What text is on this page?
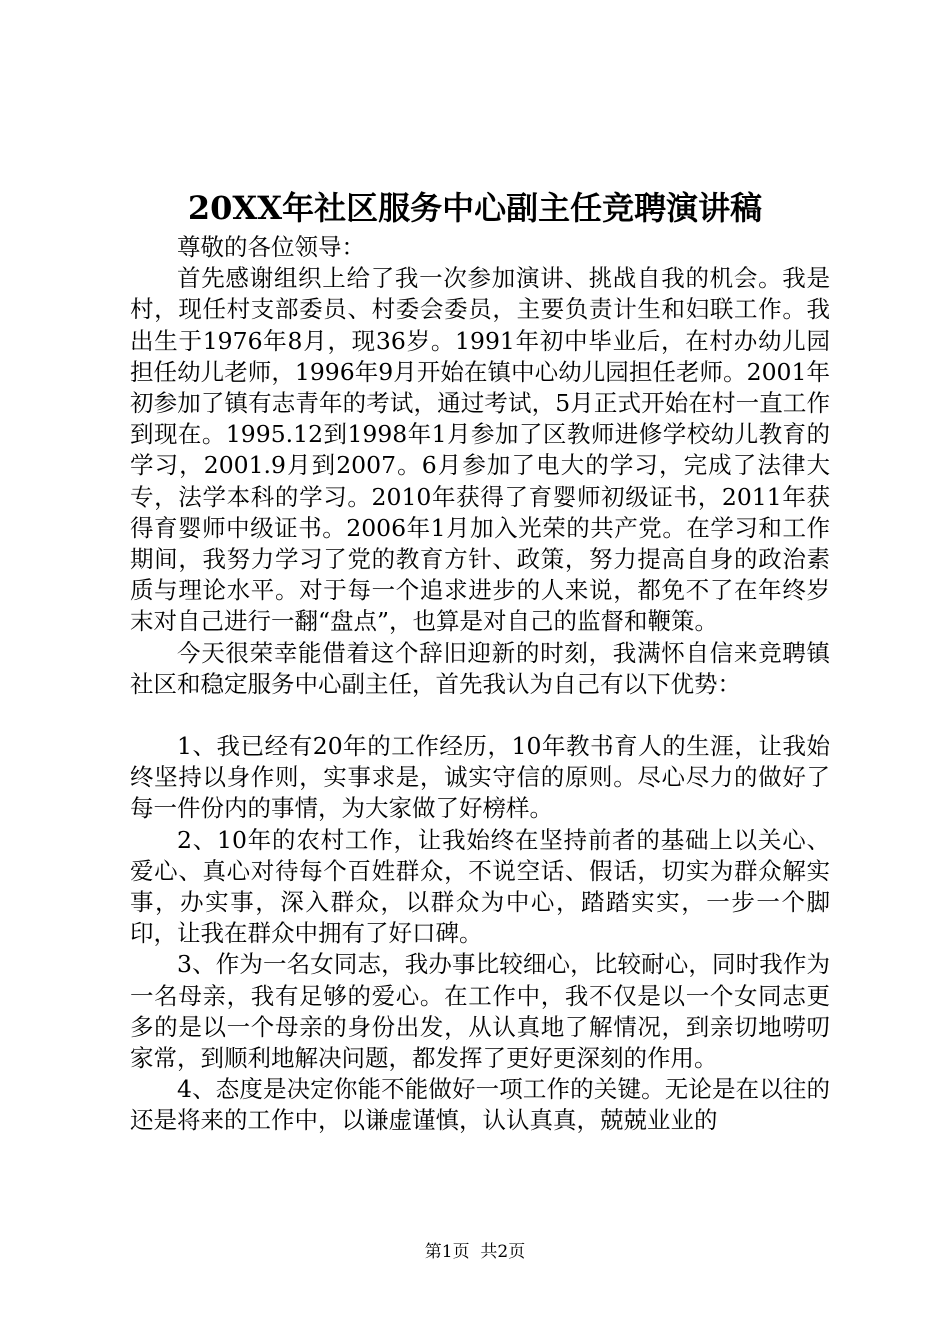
20XX年社区服务中心副主任竞聘演讲稿

尊敬的各位领导：

首先感谢组织上给了我一次参加演讲、挑战自我的机会。我是村，现任村支部委员、村委会委员，主要负责计生和妇联工作。我出生于1976年8月，现36岁。1991年初中毕业后，在村办幼儿园担任幼儿老师，1996年9月开始在镇中心幼儿园担任老师。2001年初参加了镇有志青年的考试，通过考试，5月正式开始在村一直工作到现在。1995.12到1998年1月参加了区教师进修学校幼儿教育的学习，2001.9月到2007。6月参加了电大的学习，完成了法律大专，法学本科的学习。2010年获得了育婴师初级证书，2011年获得育婴师中级证书。2006年1月加入光荣的共产党。在学习和工作期间，我努力学习了党的教育方针、政策，努力提高自身的政治素质与理论水平。对于每一个追求进步的人来说，都免不了在年终岁末对自己进行一翻“盘点”，也算是对自己的监督和鞭策。

今天很荣幸能借着这个辞旧迎新的时刻，我满怀自信来竞聘镇社区和稳定服务中心副主任，首先我认为自己有以下优势：

1、我已经有20年的工作经历，10年教书育人的生涯，让我始终坚持以身作则，实事求是，诚实守信的原则。尽心尽力的做好了每一件份内的事情，为大家做了好榜样。

2、10年的农村工作，让我始终在坚持前者的基础上以关心、爱心、真心对待每个百姓群众，不说空话、假话，切实为群众解实事，办实事，深入群众，以群众为中心，踏踏实实，一步一个脚印，让我在群众中拥有了好口碑。

3、作为一名女同志，我办事比较细心，比较耐心，同时我作为一名母亲，我有足够的爱心。在工作中，我不仅是以一个女同志更多的是以一个母亲的身份出发，从认真地了解情况，到亲切地唠叨家常，到顺利地解决问题，都发挥了更好更深刻的作用。

4、态度是决定你能不能做好一项工作的关键。无论是在以往的还是将来的工作中，以谦虚谨慎，认认真真，兢兢业业的

第1页  共2页
